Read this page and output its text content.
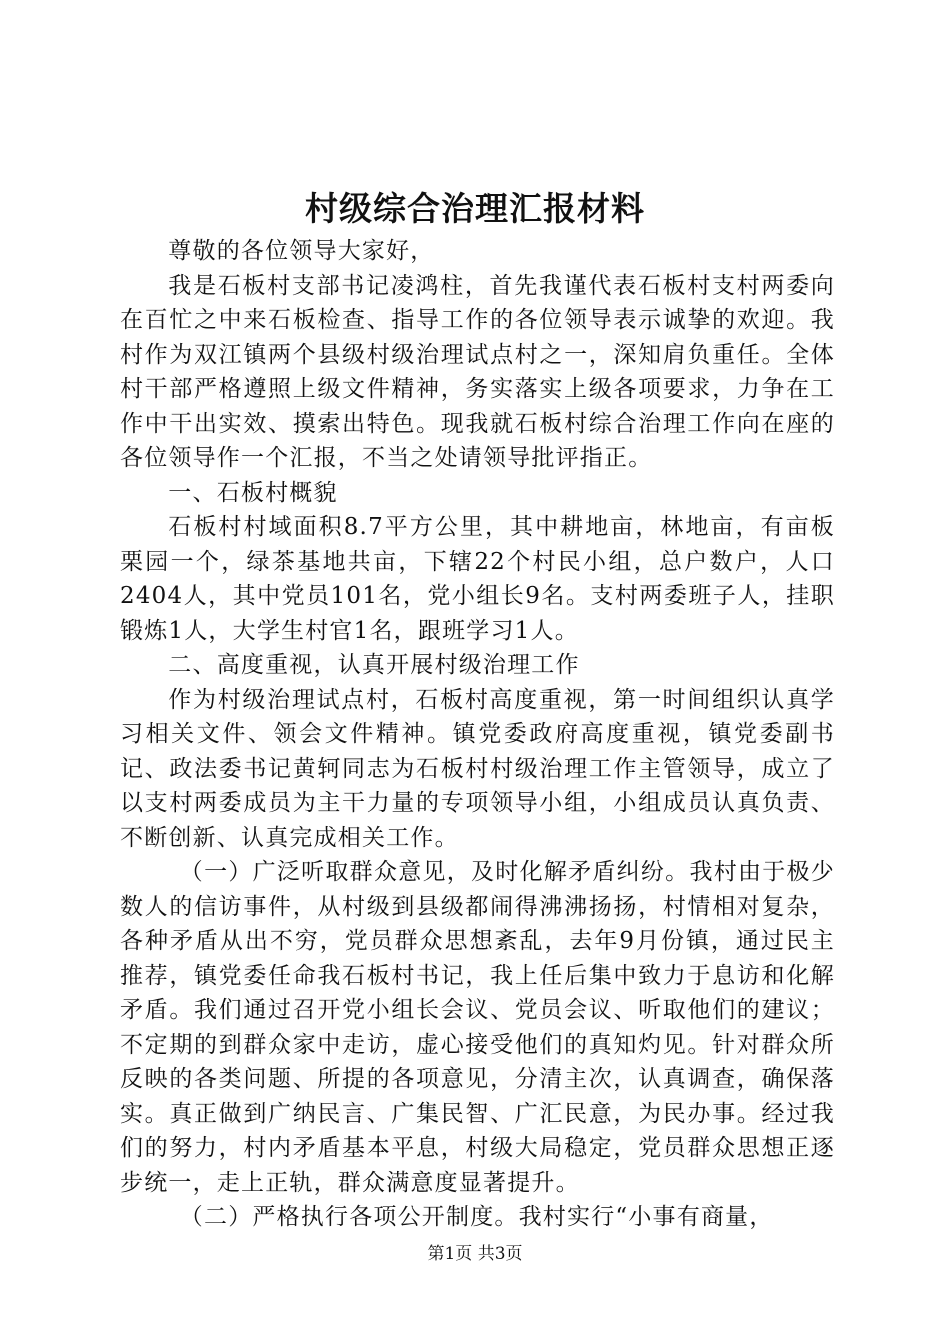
村级综合治理汇报材料

尊敬的各位领导大家好，

我是石板村支部书记凌鸿柱，首先我谨代表石板村支村两委向在百忙之中来石板检查、指导工作的各位领导表示诚挚的欢迎。我村作为双江镇两个县级村级治理试点村之一，深知肩负重任。全体村干部严格遵照上级文件精神，务实落实上级各项要求，力争在工作中干出实效、摸索出特色。现我就石板村综合治理工作向在座的各位领导作一个汇报，不当之处请领导批评指正。

一、石板村概貌

石板村村域面积8.7平方公里，其中耕地亩，林地亩，有亩板栗园一个，绿茶基地共亩，下辖22个村民小组，总户数户，人口2404人，其中党员101名，党小组长9名。支村两委班子人，挂职锻炼1人，大学生村官1名，跟班学习1人。

二、高度重视，认真开展村级治理工作

作为村级治理试点村，石板村高度重视，第一时间组织认真学习相关文件、领会文件精神。镇党委政府高度重视，镇党委副书记、政法委书记黄轲同志为石板村村级治理工作主管领导，成立了以支村两委成员为主干力量的专项领导小组，小组成员认真负责、不断创新、认真完成相关工作。

（一）广泛听取群众意见，及时化解矛盾纠纷。我村由于极少数人的信访事件，从村级到县级都闹得沸沸扬扬，村情相对复杂，各种矛盾从出不穷，党员群众思想紊乱，去年9月份镇，通过民主推荐，镇党委任命我石板村书记，我上任后集中致力于息访和化解矛盾。我们通过召开党小组长会议、党员会议、听取他们的建议；不定期的到群众家中走访，虚心接受他们的真知灼见。针对群众所反映的各类问题、所提的各项意见，分清主次，认真调查，确保落实。真正做到广纳民言、广集民智、广汇民意，为民办事。经过我们的努力，村内矛盾基本平息，村级大局稳定，党员群众思想正逐步统一，走上正轨，群众满意度显著提升。

（二）严格执行各项公开制度。我村实行“小事有商量，

第1页 共3页
